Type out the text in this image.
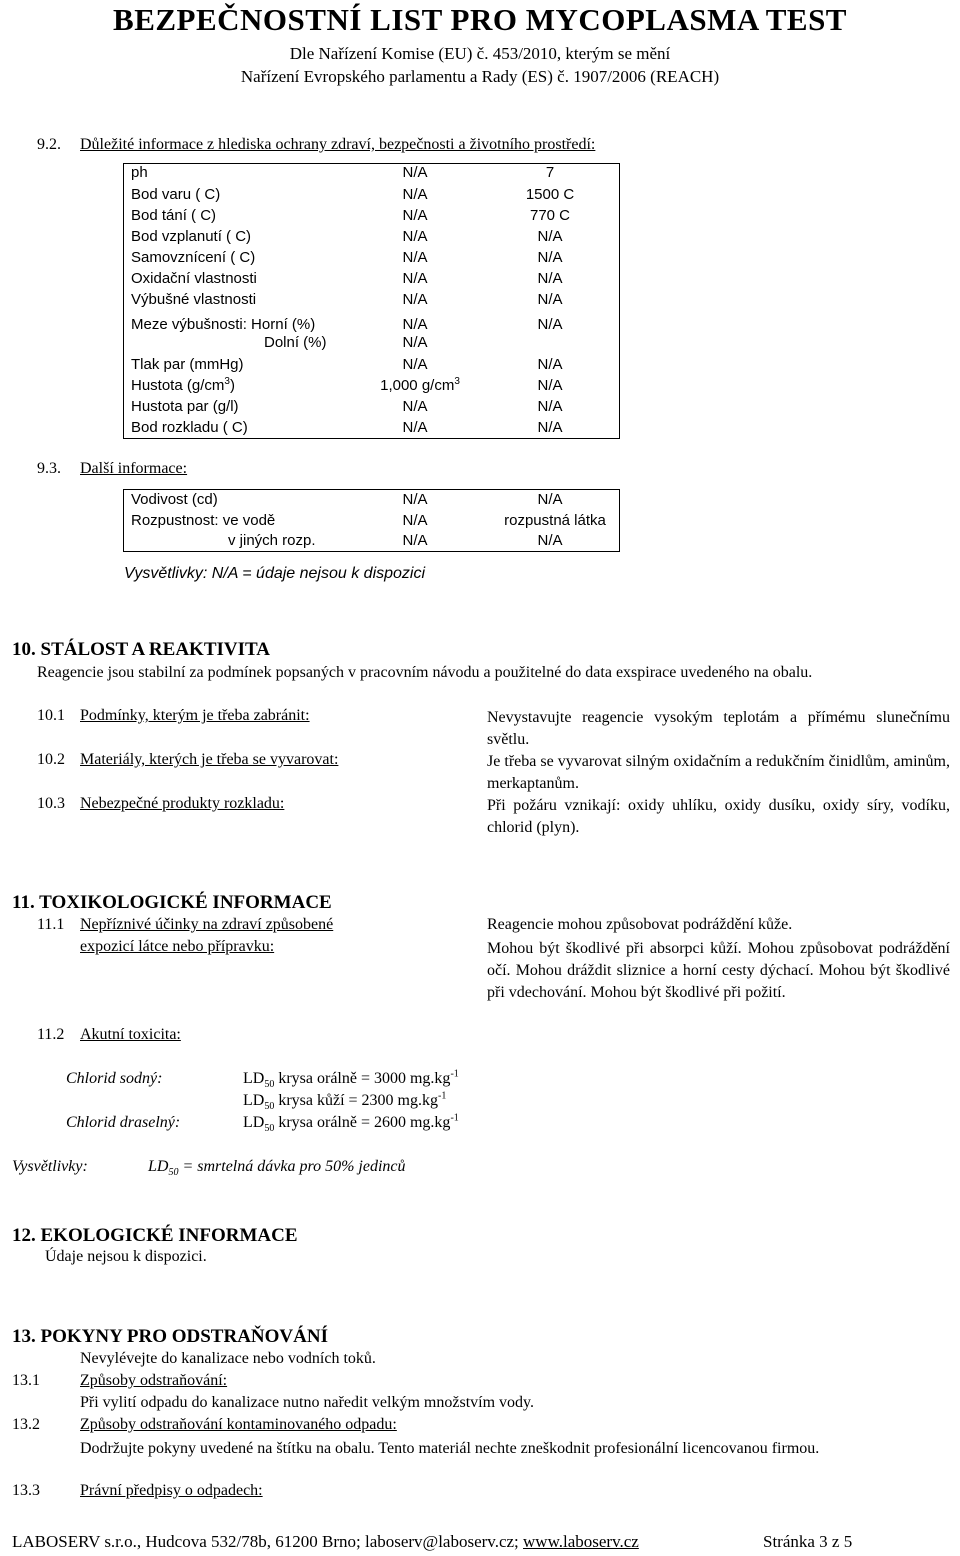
BEZPEČNOSTNÍ LIST PRO MYCOPLASMA TEST
Dle Nařízení Komise (EU) č. 453/2010, kterým se mění
Nařízení Evropského parlamentu a Rady (ES) č. 1907/2006 (REACH)
9.2. Důležité informace z hlediska ochrany zdraví, bezpečnosti a životního prostředí:
ph	N/A	7
Bod varu ( C)	N/A	1500 C
Bod tání ( C)	N/A	770 C
Bod vzplanutí ( C)	N/A	N/A
Samovznícení ( C)	N/A	N/A
Oxidační vlastnosti	N/A	N/A
Výbušné vlastnosti	N/A	N/A
Meze výbušnosti: Horní (%)	N/A	N/A
Dolní (%)	N/A
Tlak par (mmHg)	N/A	N/A
Hustota $(g/cm^3)$	1,000 $g/cm^3$	N/A
Hustota par (g/l)	N/A	N/A
Bod rozkladu ( C)	N/A	N/A
9.3. Další informace:
Vodivost (cd)	N/A	N/A
Rozpustnost: ve vodě	N/A	rozpustná látka
v jiných rozp.	N/A	N/A
Vysvětlivky: N/A = údaje nejsou k dispozici
10. STÁLOST A REAKTIVITA
Reagencie jsou stabilní za podmínek popsaných v pracovním návodu a použitelné do data exspirace uvedeného na obalu.
10.1 Podmínky, kterým je třeba zabránit:	Nevystavujte reagencie vysokým teplotám a přímému slunečnímu světlu.
10.2 Materiály, kterých je třeba se vyvarovat:	Je třeba se vyvarovat silným oxidačním a redukčním činidlům, aminům, merkaptanům.
10.3 Nebezpečné produkty rozkladu:	Při požáru vznikají: oxidy uhlíku, oxidy dusíku, oxidy síry, vodíku, chlorid (plyn).
11. TOXIKOLOGICKÉ INFORMACE
11.1 Nepříznivé účinky na zdraví způsobené
expozicí látce nebo přípravku:
Reagencie mohou způsobovat podráždění kůže.
Mohou být škodlivé při absorpci kůží. Mohou způsobovat podráždění očí. Mohou dráždit sliznice a horní cesty dýchací. Mohou být škodlivé při vdechování. Mohou být škodlivé při požití.
11.2 Akutní toxicita:
Chlorid sodný:	$LD_{50}$ krysa orálně = 3000 $mg.kg^{-1}$
$LD_{50}$ krysa kůží = 2300 $mg.kg^{-1}$
Chlorid draselný:	$LD_{50}$ krysa orálně = 2600 $mg.kg^{-1}$
Vysvětlivky:	$LD_{50}$ = smrtelná dávka pro 50% jedinců
12. EKOLOGICKÉ INFORMACE
Údaje nejsou k dispozici.
13. POKYNY PRO ODSTRAŇOVÁNÍ
Nevylévejte do kanalizace nebo vodních toků.
13.1	Způsoby odstraňování:
Při vylití odpadu do kanalizace nutno naředit velkým množstvím vody.
13.2	Způsoby odstraňování kontaminovaného odpadu:
Dodržujte pokyny uvedené na štítku na obalu. Tento materiál nechte zneškodnit profesionální licencovanou firmou.
13.3	Právní předpisy o odpadech:
LABOSERV s.r.o., Hudcova 532/78b, 61200 Brno; laboserv@laboserv.cz; www.laboserv.cz	Stránka 3 z 5
